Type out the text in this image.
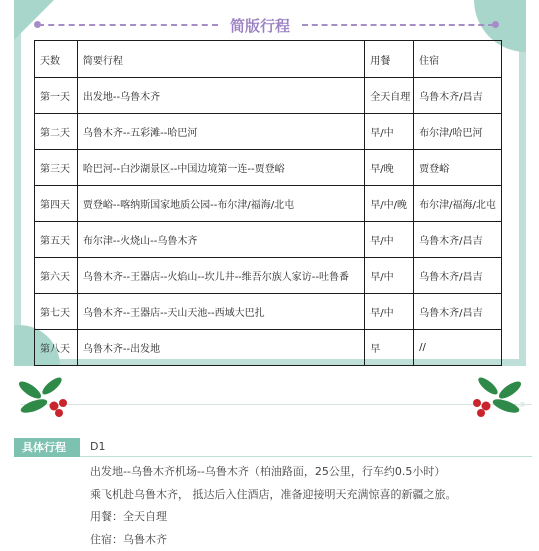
简版行程
天数	简要行程	用餐	住宿
第一天	出发地--乌鲁木齐	全天自理	乌鲁木齐/昌吉
第二天	乌鲁木齐--五彩滩--哈巴河	早/中	布尔津/哈巴河
第三天	哈巴河--白沙湖景区--中国边境第一连--贾登峪	早/晚	贾登峪
第四天	贾登峪--喀纳斯国家地质公园--布尔津/福海/北屯	早/中/晚	布尔津/福海/北屯
第五天	布尔津--火烧山--乌鲁木齐	早/中	乌鲁木齐/昌吉
第六天	乌鲁木齐--王器店--火焰山--坎儿井--维吾尔族人家访--吐鲁番	早/中	乌鲁木齐/昌吉
第七天	乌鲁木齐--王器店--天山天池--西域大巴扎	早/中	乌鲁木齐/昌吉
第八天	乌鲁木齐--出发地	早	//
具体行程	D1
出发地--乌鲁木齐机场--乌鲁木齐（柏油路面，25公里，行车约0.5小时）
乘飞机赴乌鲁木齐， 抵达后入住酒店，准备迎接明天充满惊喜的新疆之旅。
用餐：全天自理
住宿：乌鲁木齐
